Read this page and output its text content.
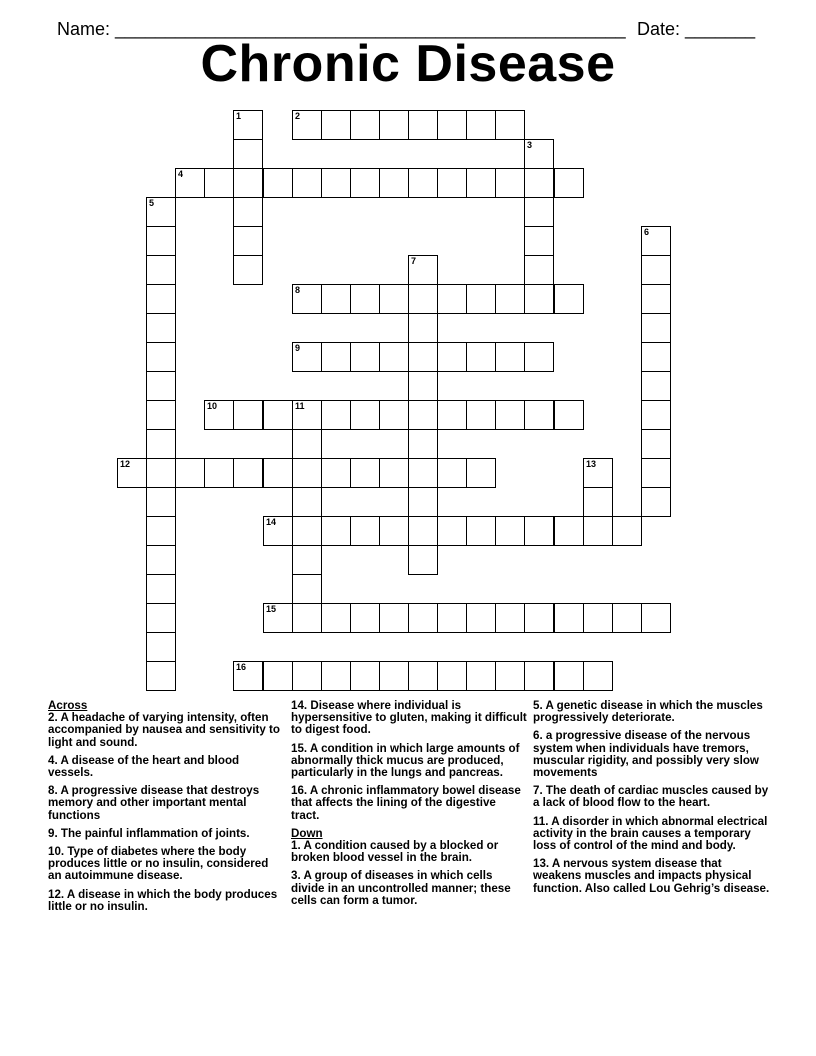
Name: ___________________________________________________ Date: _______

Chronic Disease
1	2
3
4
5
6
7
8
9
10	11
12	13
14
15
16

Across

2. A headache of varying intensity, often accompanied by nausea and sensitivity to light and sound.

4. A disease of the heart and blood vessels.

8. A progressive disease that destroys memory and other important mental functions

9. The painful inflammation of joints.

10. Type of diabetes where the body produces little or no insulin, considered an autoimmune disease.

12. A disease in which the body produces little or no insulin.

14. Disease where individual is hypersensitive to gluten, making it difficult to digest food.

15. A condition in which large amounts of abnormally thick mucus are produced, particularly in the lungs and pancreas.

16. A chronic inflammatory bowel disease that affects the lining of the digestive tract.

Down

1. A condition caused by a blocked or broken blood vessel in the brain.

3. A group of diseases in which cells divide in an uncontrolled manner; these cells can form a tumor.

5. A genetic disease in which the muscles progressively deteriorate.

6. a progressive disease of the nervous system when individuals have tremors, muscular rigidity, and possibly very slow movements

7. The death of cardiac muscles caused by a lack of blood flow to the heart.

11. A disorder in which abnormal electrical activity in the brain causes a temporary loss of control of the mind and body.

13. A nervous system disease that weakens muscles and impacts physical function. Also called Lou Gehrig’s disease.
